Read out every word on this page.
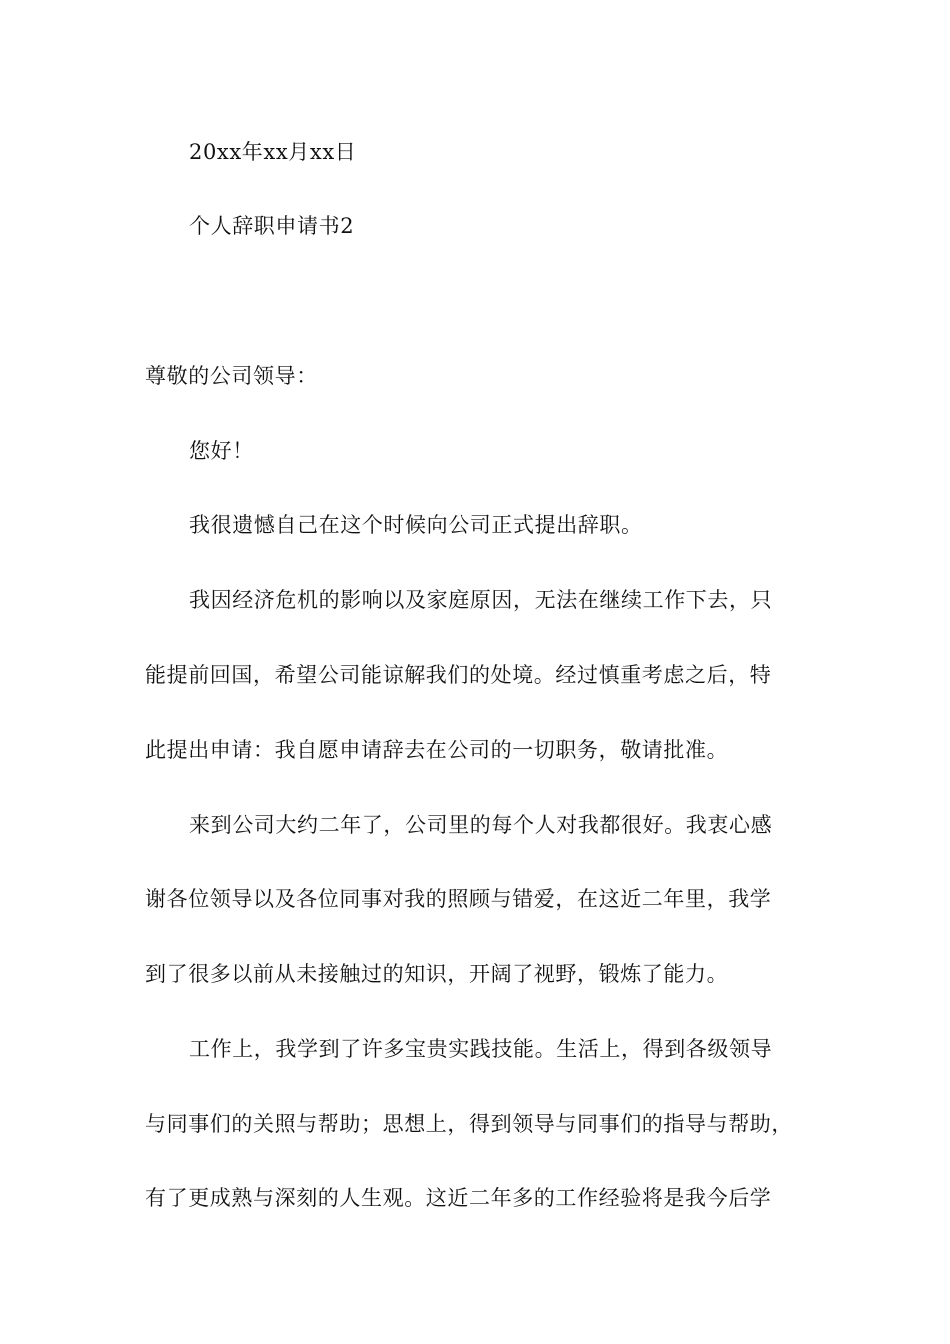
20xx年xx月xx日
个人辞职申请书2
尊敬的公司领导：
您好！
我很遗憾自己在这个时候向公司正式提出辞职。
我因经济危机的影响以及家庭原因，无法在继续工作下去，只
能提前回国，希望公司能谅解我们的处境。经过慎重考虑之后，特
此提出申请：我自愿申请辞去在公司的一切职务，敬请批准。
来到公司大约二年了，公司里的每个人对我都很好。我衷心感
谢各位领导以及各位同事对我的照顾与错爱，在这近二年里，我学
到了很多以前从未接触过的知识，开阔了视野，锻炼了能力。
工作上，我学到了许多宝贵实践技能。生活上，得到各级领导
与同事们的关照与帮助；思想上，得到领导与同事们的指导与帮助，
有了更成熟与深刻的人生观。这近二年多的工作经验将是我今后学
